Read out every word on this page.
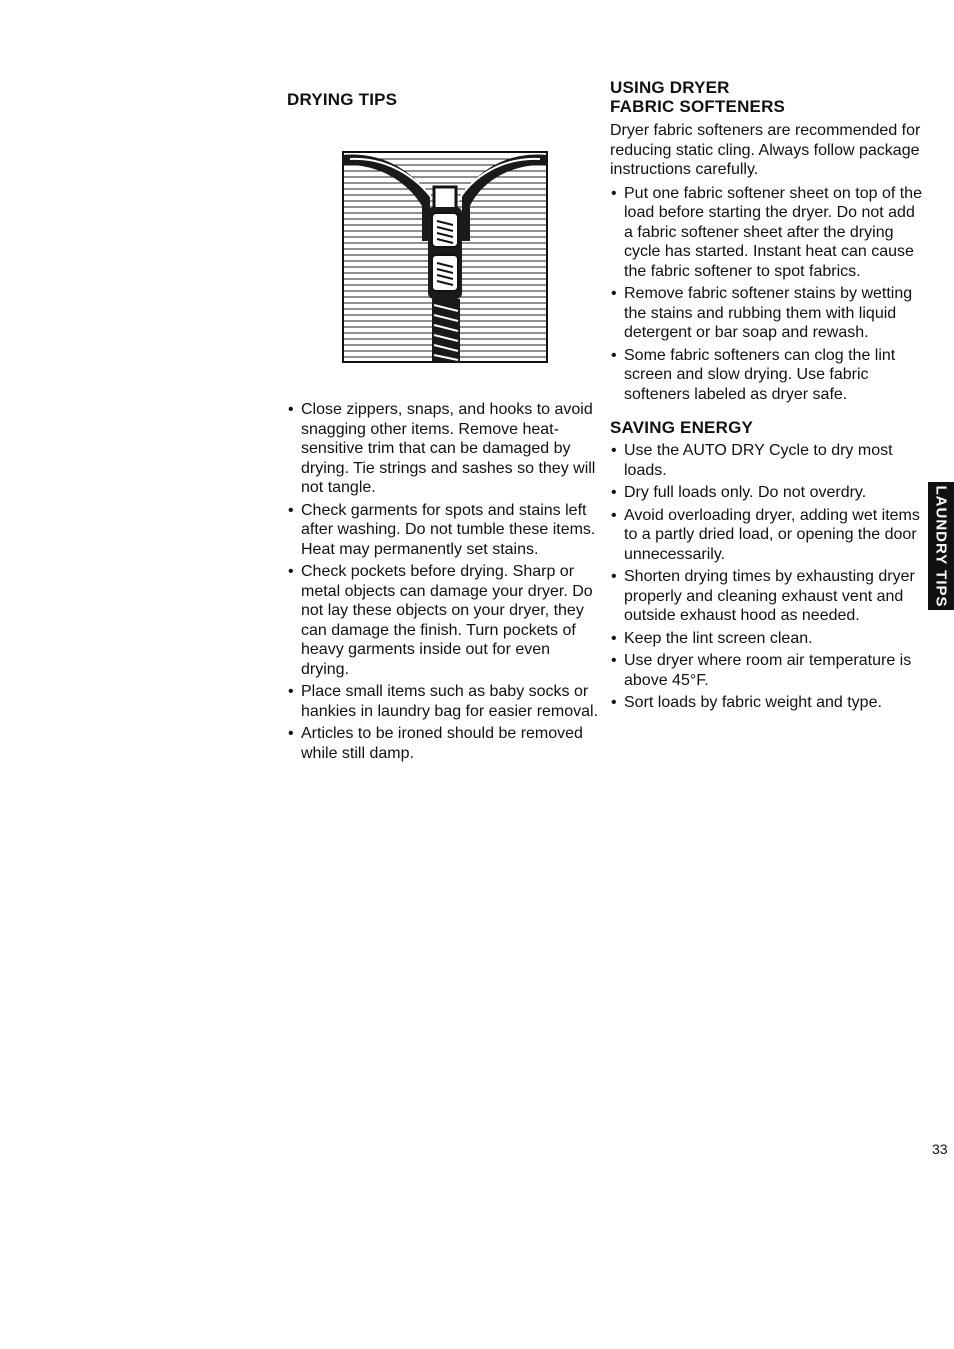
DRYING TIPS
• Close zippers, snaps, and hooks to avoid snagging other items. Remove heat-sensitive trim that can be damaged by drying. Tie strings and sashes so they will not tangle.
• Check garments for spots and stains left after washing. Do not tumble these items. Heat may permanently set stains.
• Check pockets before drying. Sharp or metal objects can damage your dryer. Do not lay these objects on your dryer, they can damage the finish. Turn pockets of heavy garments inside out for even drying.
• Place small items such as baby socks or hankies in laundry bag for easier removal.
• Articles to be ironed should be removed while still damp.
USING DRYER
FABRIC SOFTENERS

Dryer fabric softeners are recommended for reducing static cling. Always follow package instructions carefully.

• Put one fabric softener sheet on top of the load before starting the dryer. Do not add a fabric softener sheet after the drying cycle has started. Instant heat can cause the fabric softener to spot fabrics.
• Remove fabric softener stains by wetting the stains and rubbing them with liquid detergent or bar soap and rewash.
• Some fabric softeners can clog the lint screen and slow drying. Use fabric softeners labeled as dryer safe.
SAVING ENERGY
• Use the AUTO DRY Cycle to dry most loads.
• Dry full loads only. Do not overdry.
• Avoid overloading dryer, adding wet items to a partly dried load, or opening the door unnecessarily.
• Shorten drying times by exhausting dryer properly and cleaning exhaust vent and outside exhaust hood as needed.
• Keep the lint screen clean.
• Use dryer where room air temperature is above 45°F.
• Sort loads by fabric weight and type.
LAUNDRY TIPS
33
